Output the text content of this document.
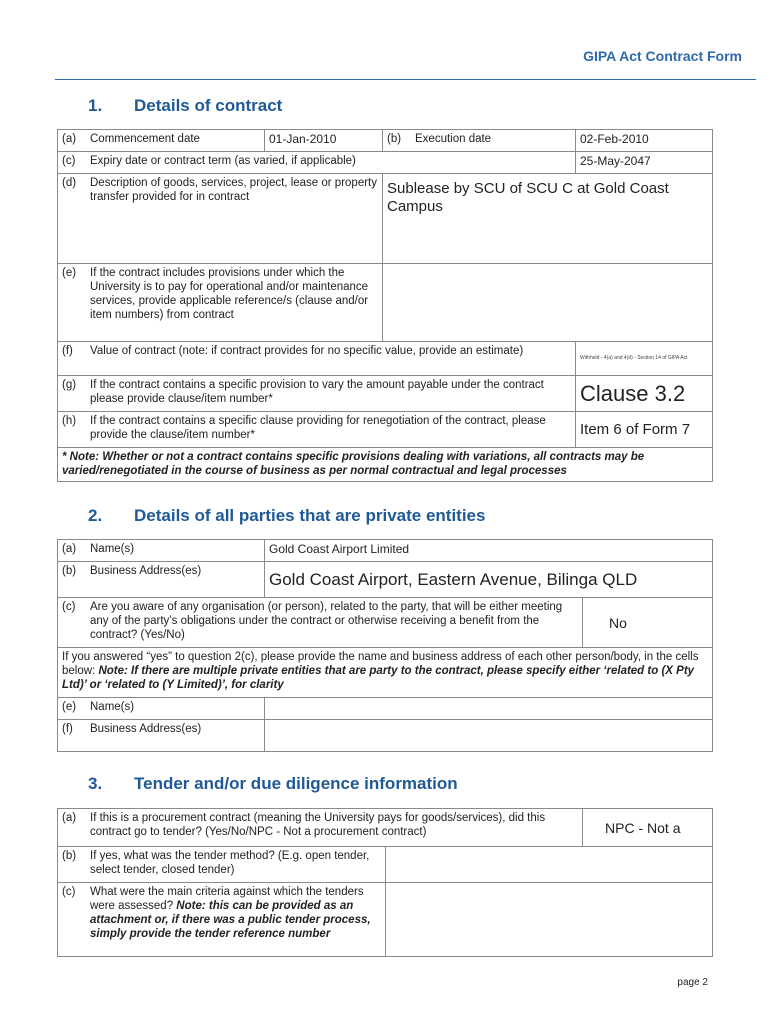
GIPA Act Contract Form
1. Details of contract
(a) Commencement date	01-Jan-2010	(b) Execution date	02-Feb-2010

(c) Expiry date or contract term (as varied, if applicable)			25-May-2047

(d) Description of goods, services, project, lease or property transfer provided for in contract		Sublease by SCU of SCU C at Gold Coast Campus	

(e) If the contract includes provisions under which the University is to pay for operational and/or maintenance services, provide applicable reference/s (clause and/or item numbers) from contract			

(f) Value of contract (note: if contract provides for no specific value, provide an estimate)			Withheld - 4(a) and 4(d) - Section 14 of GIPA Act

(g) If the contract contains a specific provision to vary the amount payable under the contract please provide clause/item number*			Clause 3.2

(h) If the contract contains a specific clause providing for renegotiation of the contract, please provide the clause/item number*			Item 6 of Form 7
* Note: Whether or not a contract contains specific provisions dealing with variations, all contracts may be varied/renegotiated in the course of business as per normal contractual and legal processes			
2. Details of all parties that are private entities
(a) Name(s)	Gold Coast Airport Limited	

(b) Business Address(es)	Gold Coast Airport, Eastern Avenue, Bilinga QLD	

(c) Are you aware of any organisation (or person), related to the party, that will be either meeting any of the party’s obligations under the contract or otherwise receiving a benefit from the contract? (Yes/No)		No
If you answered “yes” to question 2(c), please provide the name and business address of each other person/body, in the cells below: Note: If there are multiple private entities that are party to the contract, please specify either ‘related to (X Pty Ltd)’ or ‘related to (Y Limited)’, for clarity		

(e) Name(s)		

(f) Business Address(es)		

3. Tender and/or due diligence information
(a) If this is a procurement contract (meaning the University pays for goods/services), did this contract go to tender? (Yes/No/NPC - Not a procurement contract)		NPC - Not a

(b) If yes, what was the tender method? (E.g. open tender, select tender, closed tender)		

(c) What were the main criteria against which the tenders were assessed? Note: this can be provided as an attachment or, if there was a public tender process, simply provide the tender reference number		

page 2
